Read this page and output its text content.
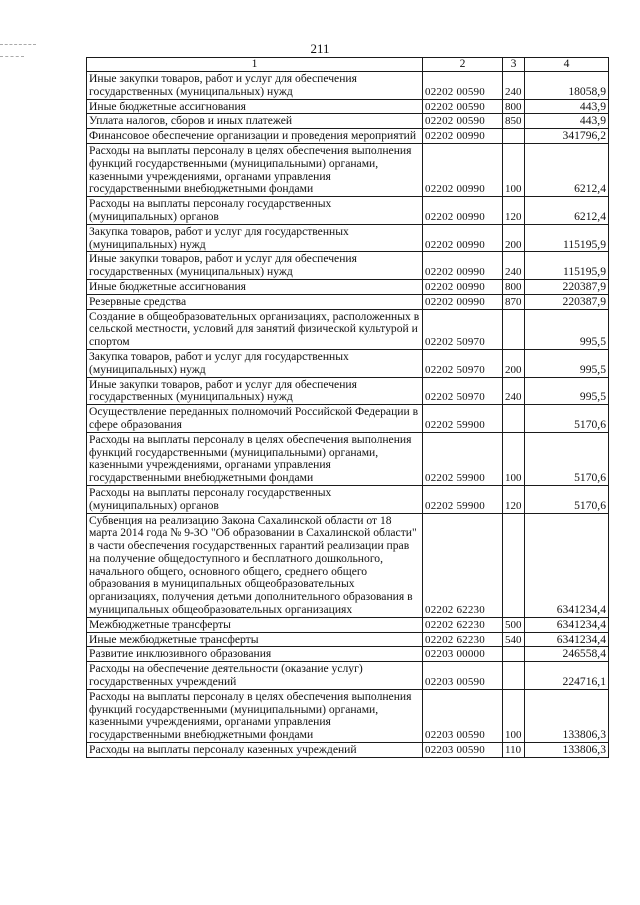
211
1	2	3	4
Иные закупки товаров, работ и услуг для обеспечения государственных (муниципальных) нужд	02202 00590	240	18058,9
Иные бюджетные ассигнования	02202 00590	800	443,9
Уплата налогов, сборов и иных платежей	02202 00590	850	443,9
Финансовое обеспечение организации и проведения мероприятий	02202 00990		341796,2
Расходы на выплаты персоналу в целях обеспечения выполнения функций государственными (муниципальными) органами, казенными учреждениями, органами управления государственными внебюджетными фондами	02202 00990	100	6212,4
Расходы на выплаты персоналу государственных (муниципальных) органов	02202 00990	120	6212,4
Закупка товаров, работ и услуг для государственных (муниципальных) нужд	02202 00990	200	115195,9
Иные закупки товаров, работ и услуг для обеспечения государственных (муниципальных) нужд	02202 00990	240	115195,9
Иные бюджетные ассигнования	02202 00990	800	220387,9
Резервные средства	02202 00990	870	220387,9
Создание в общеобразовательных организациях, расположенных в сельской местности, условий для занятий физической культурой и спортом	02202 50970		995,5
Закупка товаров, работ и услуг для государственных (муниципальных) нужд	02202 50970	200	995,5
Иные закупки товаров, работ и услуг для обеспечения государственных (муниципальных) нужд	02202 50970	240	995,5
Осуществление переданных полномочий Российской Федерации в сфере образования	02202 59900		5170,6
Расходы на выплаты персоналу в целях обеспечения выполнения функций государственными (муниципальными) органами, казенными учреждениями, органами управления государственными внебюджетными фондами	02202 59900	100	5170,6
Расходы на выплаты персоналу государственных (муниципальных) органов	02202 59900	120	5170,6
Субвенция на реализацию Закона Сахалинской области от 18 марта 2014 года № 9-ЗО "Об образовании в Сахалинской области" в части обеспечения государственных гарантий реализации прав на получение общедоступного и бесплатного дошкольного, начального общего, основного общего, среднего общего образования в муниципальных общеобразовательных организациях, получения детьми дополнительного образования в муниципальных общеобразовательных организациях	02202 62230		6341234,4
Межбюджетные трансферты	02202 62230	500	6341234,4
Иные межбюджетные трансферты	02202 62230	540	6341234,4
Развитие инклюзивного образования	02203 00000		246558,4
Расходы на обеспечение деятельности (оказание услуг) государственных учреждений	02203 00590		224716,1
Расходы на выплаты персоналу в целях обеспечения выполнения функций государственными (муниципальными) органами, казенными учреждениями, органами управления государственными внебюджетными фондами	02203 00590	100	133806,3
Расходы на выплаты персоналу казенных учреждений	02203 00590	110	133806,3
